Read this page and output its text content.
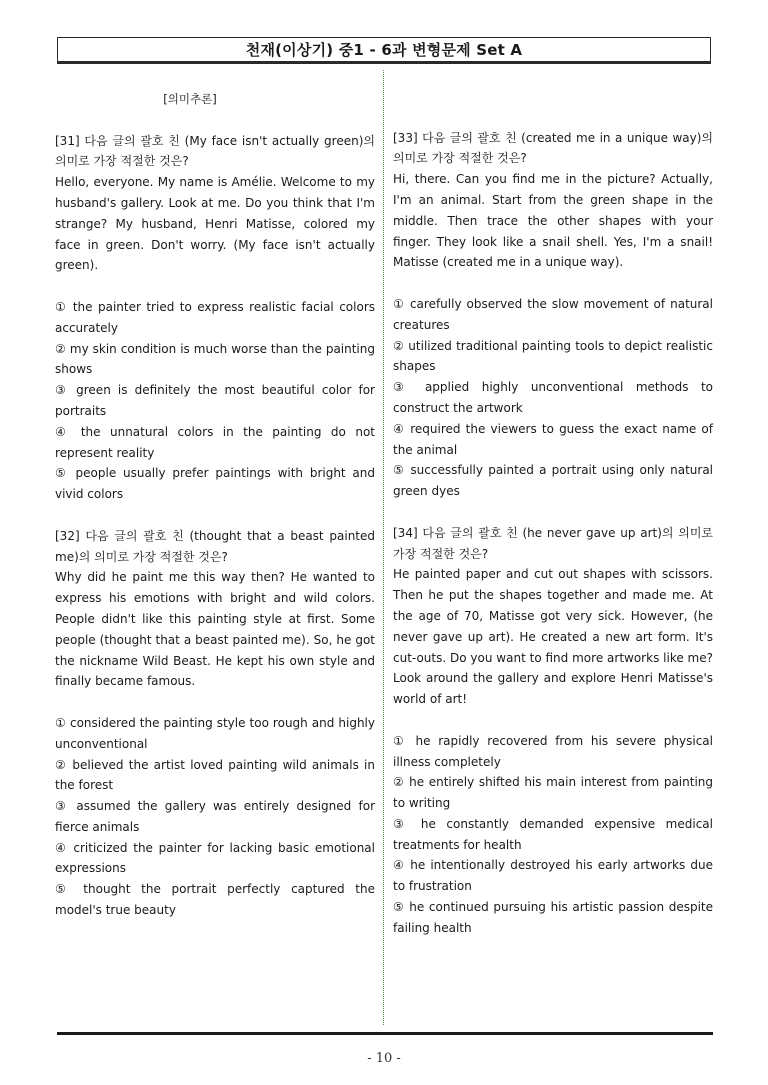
천재(이상기) 중1 - 6과 변형문제 Set A
[의미추론]
[31] 다음 글의 괄호 친 (My face isn't actually green)의 의미로 가장 적절한 것은?
Hello, everyone. My name is Amélie. Welcome to my husband's gallery. Look at me. Do you think that I'm strange? My husband, Henri Matisse, colored my face in green. Don't worry. (My face isn't actually green).
① the painter tried to express realistic facial colors accurately
② my skin condition is much worse than the painting shows
③ green is definitely the most beautiful color for portraits
④ the unnatural colors in the painting do not represent reality
⑤ people usually prefer paintings with bright and vivid colors
[32] 다음 글의 괄호 친 (thought that a beast painted me)의 의미로 가장 적절한 것은?
Why did he paint me this way then? He wanted to express his emotions with bright and wild colors. People didn't like this painting style at first. Some people (thought that a beast painted me). So, he got the nickname Wild Beast. He kept his own style and finally became famous.
① considered the painting style too rough and highly unconventional
② believed the artist loved painting wild animals in the forest
③ assumed the gallery was entirely designed for fierce animals
④ criticized the painter for lacking basic emotional expressions
⑤ thought the portrait perfectly captured the model's true beauty
[33] 다음 글의 괄호 친 (created me in a unique way)의 의미로 가장 적절한 것은?
Hi, there. Can you find me in the picture? Actually, I'm an animal. Start from the green shape in the middle. Then trace the other shapes with your finger. They look like a snail shell. Yes, I'm a snail! Matisse (created me in a unique way).
① carefully observed the slow movement of natural creatures
② utilized traditional painting tools to depict realistic shapes
③ applied highly unconventional methods to construct the artwork
④ required the viewers to guess the exact name of the animal
⑤ successfully painted a portrait using only natural green dyes
[34] 다음 글의 괄호 친 (he never gave up art)의 의미로 가장 적절한 것은?
He painted paper and cut out shapes with scissors. Then he put the shapes together and made me. At the age of 70, Matisse got very sick. However, (he never gave up art). He created a new art form. It's cut-outs. Do you want to find more artworks like me? Look around the gallery and explore Henri Matisse's world of art!
① he rapidly recovered from his severe physical illness completely
② he entirely shifted his main interest from painting to writing
③ he constantly demanded expensive medical treatments for health
④ he intentionally destroyed his early artworks due to frustration
⑤ he continued pursuing his artistic passion despite failing health
- 10 -
